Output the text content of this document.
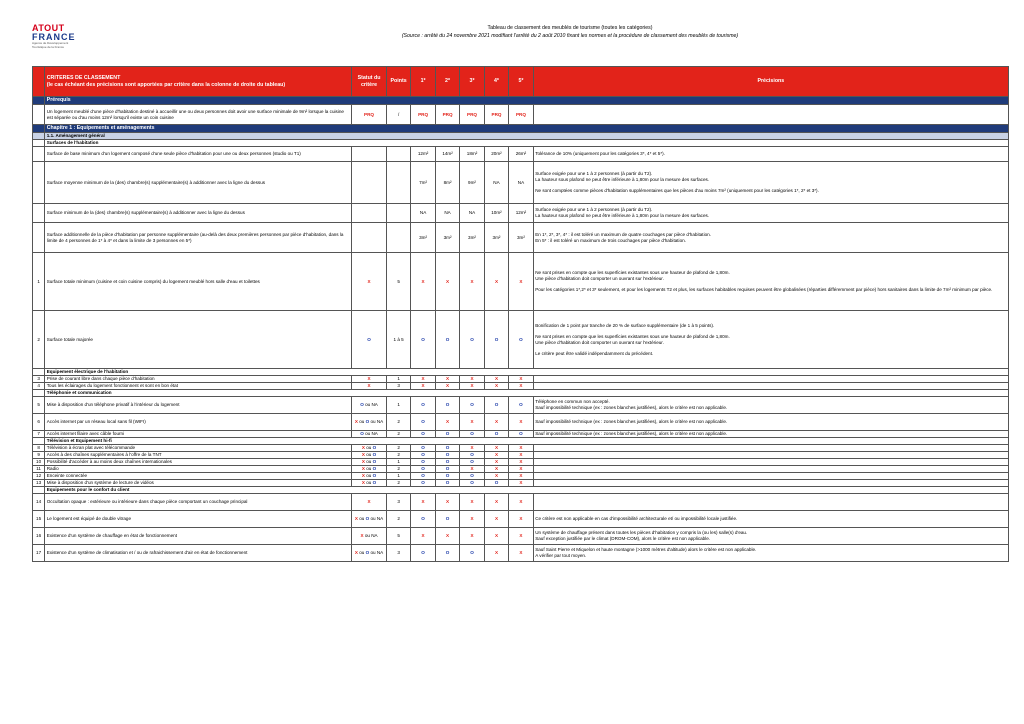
ATOUT
FRANCE
Agence de Développement Touristique de la France
Tableau de classement des meublés de tourisme (toutes les catégories)
(Source : arrêté du 24 novembre 2021 modifiant l'arrêté du 2 août 2010 fixant les normes et la procédure de classement des meublés de tourisme)
	CRITERES DE CLASSEMENT
(le cas échéant des précisions sont apportées par critère dans la colonne de droite du tableau)	Statut du critère	Points	1*	2*	3*	4*	5*	Précisions
	Prérequis								
	Un logement meublé d'une pièce d'habitation destiné à accueillir une ou deux personnes doit avoir une surface minimale de 9m² lorsque la cuisine est séparée ou d'au moins 12m² lorsqu'il existe un coin cuisine	PRQ	/	PRQ	PRQ	PRQ	PRQ	PRQ	
	Chapitre 1 : Equipements et aménagements								
	1.1. Aménagement général								
	Surfaces de l'habitation								
	Surface de base minimum d'un logement composé d'une seule pièce d'habitation pour une ou deux personnes (studio ou T1)			12m²	14m²	18m²	20m²	26m²	Tolérance de 10% (uniquement pour les catégories 3*, 4* et 5*).
	Surface moyenne minimum de la (des) chambre(s) supplémentaire(s) à additionner avec la ligne du dessus			7m²	8m²	9m²	NA	NA	Surface exigée pour une 1 à 2 personnes (à partir du T2).
La hauteur sous plafond ne peut être inférieure à 1,80m pour la mesure des surfaces.

Ne sont comptées comme pièces d'habitation supplémentaires que les pièces d'au moins 7m² (uniquement pour les catégories 1*, 2* et 3*).
	Surface minimum de la (des) chambre(s) supplémentaire(s) à additionner avec la ligne du dessus			NA	NA	NA	10m²	12m²	Surface exigée pour une 1 à 2 personnes (à partir du T2).
La hauteur sous plafond ne peut être inférieure à 1,80m pour la mesure des surfaces.
	Surface additionnelle de la pièce d'habitation par personne supplémentaire (au-delà des deux premières personnes par pièce d'habitation, dans la limite de 4 personnes de 1* à 4* et dans la limite de 3 personnes en 5*)			3m²	3m²	3m²	3m²	3m²	En 1*, 2*, 3*, 4* : il est toléré un maximum de quatre couchages par pièce d'habitation.
En 5* : il est toléré un maximum de trois couchages par pièce d'habitation.
1	Surface totale minimum (cuisine et coin cuisine compris) du logement meublé hors salle d'eau et toilettes	X	5	X	X	X	X	X	Ne sont prises en compte que les superficies existantes sous une hauteur de plafond de 1,80m.
Une pièce d'habitation doit comporter un ouvrant sur l'extérieur.

Pour les catégories 1*,2* et 3* seulement, et pour les logements T2 et plus, les surfaces habitables requises peuvent être globalisées (réparties différemment par pièce) hors sanitaires dans la limite de 7m² minimum par pièce.
2	Surface totale majorée	O	1 à 5	O	O	O	O	O	Bonification de 1 point par tranche de 20 % de surface supplémentaire (de 1 à 5 points).

Ne sont prises en compte que les superficies existantes sous une hauteur de plafond de 1,80m.
Une pièce d'habitation doit comporter un ouvrant sur l'extérieur.

Le critère peut être validé indépendamment du précédent.
	Equipement électrique de l'habitation								
3	Prise de courant libre dans chaque pièce d'habitation	X	1	X	X	X	X	X	
4	Tous les éclairages du logement fonctionnent et sont en bon état	X	3	X	X	X	X	X	
	Téléphonie et communication								
5	Mise à disposition d'un téléphone privatif à l'intérieur du logement	O ou NA	1	O	O	O	O	O	Téléphone en commun non accepté.
Sauf impossibilité technique (ex : zones blanches justifiées), alors le critère est non applicable.
6	Accès internet par un réseau local sans fil (WIFI)	X ou O ou NA	2	O	X	X	X	X	Sauf impossibilité technique (ex : zones blanches justifiées), alors le critère est non applicable.
7	Accès internet filaire avec câble fourni	O ou NA	2	O	O	O	O	O	Sauf impossibilité technique (ex : zones blanches justifiées), alors le critère est non applicable.
	Télévision et Equipement hi-fi								
8	Télévision à écran plat avec télécommande	X ou O	2	O	O	X	X	X	
9	Accès à des chaînes supplémentaires à l'offre de la TNT	X ou O	2	O	O	O	X	X	
10	Possibilité d'accéder à au moins deux chaînes internationales	X ou O	1	O	O	O	X	X	
11	Radio	X ou O	2	O	O	X	X	X	
12	Enceinte connectée	X ou O	1	O	O	O	X	X	
13	Mise à disposition d'un système de lecture de vidéos	X ou O	2	O	O	O	O	X	
	Equipements pour le confort du client								
14	Occultation opaque : extérieure ou intérieure dans chaque pièce comportant un couchage principal	X	3	X	X	X	X	X	
15	Le logement est équipé de double vitrage	X ou O ou NA	2	O	O	X	X	X	Ce critère est non applicable en cas d'impossibilité architecturale et/ ou impossibilité locale justifiée.
16	Existence d'un système de chauffage en état de fonctionnement	X ou NA	5	X	X	X	X	X	Un système de chauffage présent dans toutes les pièces d'habitation y compris la (ou les) salle(s) d'eau.
Sauf exception justifiée par le climat (DROM-COM), alors le critère est non applicable.
17	Existence d'un système de climatisation et / ou de rafraichissement d'air en état de fonctionnement	X ou O ou NA	3	O	O	O	X	X	Sauf Saint Pierre et Miquelon et haute montagne (>1000 mètres d'altitude) alors le critère est non applicable.
A vérifier par tout moyen.
